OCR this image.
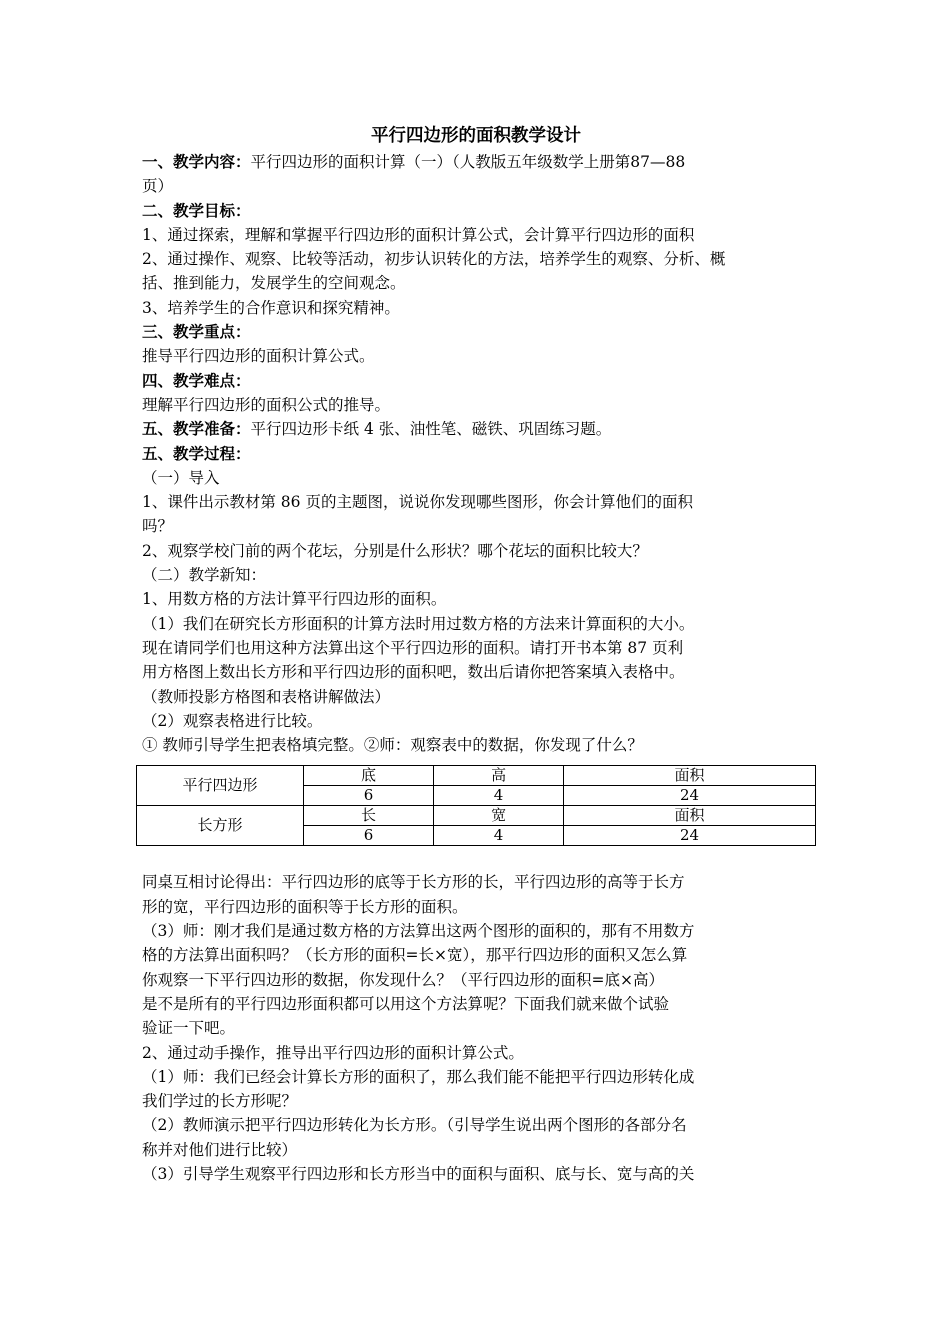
平行四边形的面积教学设计

一、教学内容：平行四边形的面积计算（一）（人教版五年级数学上册第87—88

页）

二、教学目标：

1、通过探索，理解和掌握平行四边形的面积计算公式，会计算平行四边形的面积

2、通过操作、观察、比较等活动，初步认识转化的方法，培养学生的观察、分析、概

括、推到能力，发展学生的空间观念。

3、培养学生的合作意识和探究精神。

三、教学重点：

推导平行四边形的面积计算公式。

四、教学难点：

理解平行四边形的面积公式的推导。

五、教学准备：平行四边形卡纸 4 张、油性笔、磁铁、巩固练习题。

五、教学过程：

（一）导入

1、课件出示教材第 86 页的主题图，说说你发现哪些图形，你会计算他们的面积

吗？

2、观察学校门前的两个花坛，分别是什么形状？哪个花坛的面积比较大？

（二）教学新知：

1、用数方格的方法计算平行四边形的面积。

（1）我们在研究长方形面积的计算方法时用过数方格的方法来计算面积的大小。

现在请同学们也用这种方法算出这个平行四边形的面积。请打开书本第 87 页利

用方格图上数出长方形和平行四边形的面积吧，数出后请你把答案填入表格中。

（教师投影方格图和表格讲解做法）

（2）观察表格进行比较。

① 教师引导学生把表格填完整。②师：观察表中的数据，你发现了什么？

平行四边形	底	高	面积
	6	4	24
长方形	长	宽	面积
	6	4	24

同桌互相讨论得出：平行四边形的底等于长方形的长，平行四边形的高等于长方

形的宽，平行四边形的面积等于长方形的面积。

（3）师：刚才我们是通过数方格的方法算出这两个图形的面积的，那有不用数方

格的方法算出面积吗？（长方形的面积=长×宽），那平行四边形的面积又怎么算

你观察一下平行四边形的数据，你发现什么？（平行四边形的面积=底×高）

是不是所有的平行四边形面积都可以用这个方法算呢？下面我们就来做个试验

验证一下吧。

2、通过动手操作，推导出平行四边形的面积计算公式。

（1）师：我们已经会计算长方形的面积了，那么我们能不能把平行四边形转化成

我们学过的长方形呢？

（2）教师演示把平行四边形转化为长方形。（引导学生说出两个图形的各部分名

称并对他们进行比较）

（3）引导学生观察平行四边形和长方形当中的面积与面积、底与长、宽与高的关
